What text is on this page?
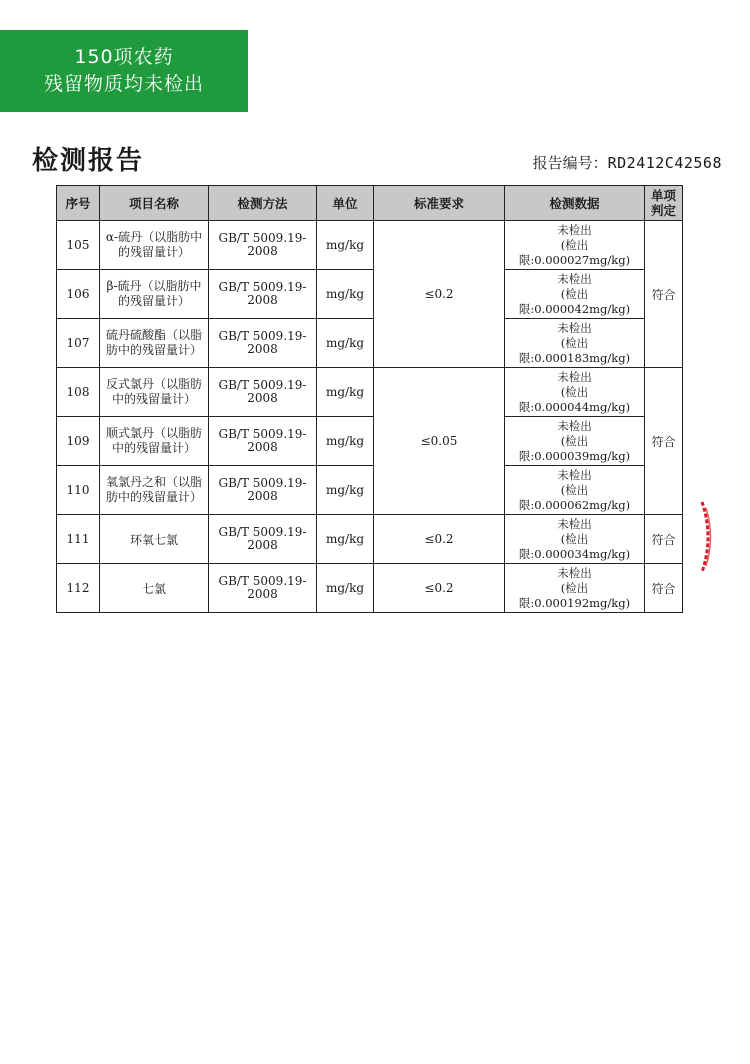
150项农药
残留物质均未检出
检测报告	报告编号：RD2412C42568
序号	项目名称	检测方法	单位	标准要求	检测数据	单项
判定

105	α-硫丹（以脂肪中的残留量计）	GB/T 5009.19-2008	mg/kg	≤0.2	未检出
(检出
限:0.000027mg/kg)	符合
106	β-硫丹（以脂肪中的残留量计）	GB/T 5009.19-2008	mg/kg		未检出
(检出
限:0.000042mg/kg)	

107	硫丹硫酸酯（以脂肪中的残留量计）	GB/T 5009.19-2008	mg/kg		未检出
(检出
限:0.000183mg/kg)	

108	反式氯丹（以脂肪中的残留量计）	GB/T 5009.19-2008	mg/kg	≤0.05	未检出
(检出
限:0.000044mg/kg)	符合
109	顺式氯丹（以脂肪中的残留量计）	GB/T 5009.19-2008	mg/kg		未检出
(检出
限:0.000039mg/kg)	

110	氧氯丹之和（以脂肪中的残留量计）	GB/T 5009.19-2008	mg/kg		未检出
(检出
限:0.000062mg/kg)	

111	环氧七氯	GB/T 5009.19-2008	mg/kg	≤0.2	未检出
(检出
限:0.000034mg/kg)	符合
112	七氯	GB/T 5009.19-2008	mg/kg	≤0.2	未检出
(检出
限:0.000192mg/kg)	符合
